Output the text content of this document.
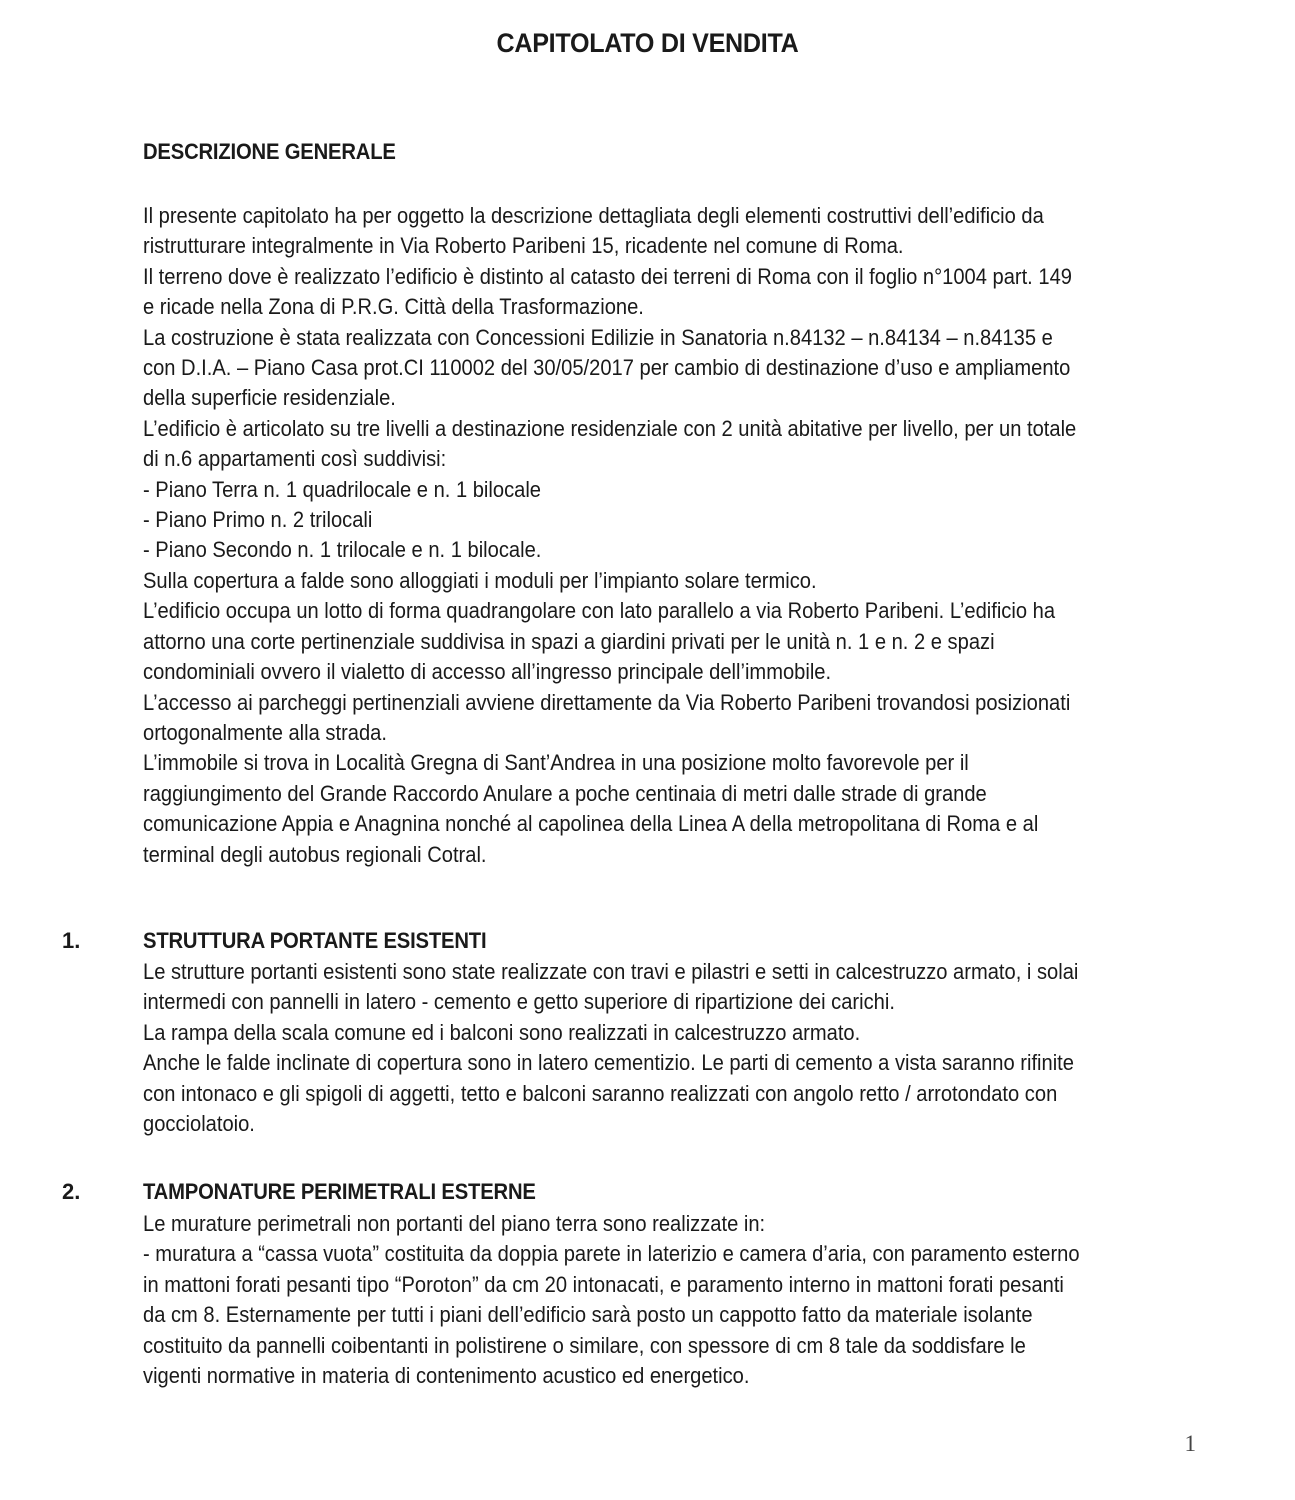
CAPITOLATO DI VENDITA
DESCRIZIONE GENERALE
Il presente capitolato ha per oggetto la descrizione dettagliata degli elementi costruttivi dell’edificio da
ristrutturare integralmente in Via Roberto Paribeni 15, ricadente nel comune di Roma.
Il terreno dove è realizzato l’edificio è distinto al catasto dei terreni di Roma con il foglio n°1004 part. 149
e ricade nella Zona di P.R.G. Città della Trasformazione.
La costruzione è stata realizzata con Concessioni Edilizie in Sanatoria n.84132 – n.84134 – n.84135 e
con D.I.A. – Piano Casa prot.CI 110002 del 30/05/2017 per cambio di destinazione d’uso e ampliamento
della superficie residenziale.
L’edificio è articolato su tre livelli a destinazione residenziale con 2 unità abitative per livello, per un totale
di n.6 appartamenti così suddivisi:
- Piano Terra n. 1 quadrilocale e n. 1 bilocale
- Piano Primo n. 2 trilocali
- Piano Secondo n. 1 trilocale e n. 1 bilocale.
Sulla copertura a falde sono alloggiati i moduli per l’impianto solare termico.
L’edificio occupa un lotto di forma quadrangolare con lato parallelo a via Roberto Paribeni. L’edificio ha
attorno una corte pertinenziale suddivisa in spazi a giardini privati per le unità n. 1 e n. 2 e spazi
condominiali ovvero il vialetto di accesso all’ingresso principale dell’immobile.
L’accesso ai parcheggi pertinenziali avviene direttamente da Via Roberto Paribeni trovandosi posizionati
ortogonalmente alla strada.
L’immobile si trova in Località Gregna di Sant’Andrea in una posizione molto favorevole per il
raggiungimento del Grande Raccordo Anulare a poche centinaia di metri dalle strade di grande
comunicazione Appia e Anagnina nonché al capolinea della Linea A della metropolitana di Roma e al
terminal degli autobus regionali Cotral.
1.	STRUTTURA PORTANTE ESISTENTI
Le strutture portanti esistenti sono state realizzate con travi e pilastri e setti in calcestruzzo armato, i solai
intermedi con pannelli in latero - cemento e getto superiore di ripartizione dei carichi.
La rampa della scala comune ed i balconi sono realizzati in calcestruzzo armato.
Anche le falde inclinate di copertura sono in latero cementizio. Le parti di cemento a vista saranno rifinite
con intonaco e gli spigoli di aggetti, tetto e balconi saranno realizzati con angolo retto / arrotondato con
gocciolatoio.
2.	TAMPONATURE PERIMETRALI ESTERNE
Le murature perimetrali non portanti del piano terra sono realizzate in:
- muratura a “cassa vuota” costituita da doppia parete in laterizio e camera d’aria, con paramento esterno
in mattoni forati pesanti tipo “Poroton” da cm 20 intonacati, e paramento interno in mattoni forati pesanti
da cm 8. Esternamente per tutti i piani dell’edificio sarà posto un cappotto fatto da materiale isolante
costituito da pannelli coibentanti in polistirene o similare, con spessore di cm 8 tale da soddisfare le
vigenti normative in materia di contenimento acustico ed energetico.
1
